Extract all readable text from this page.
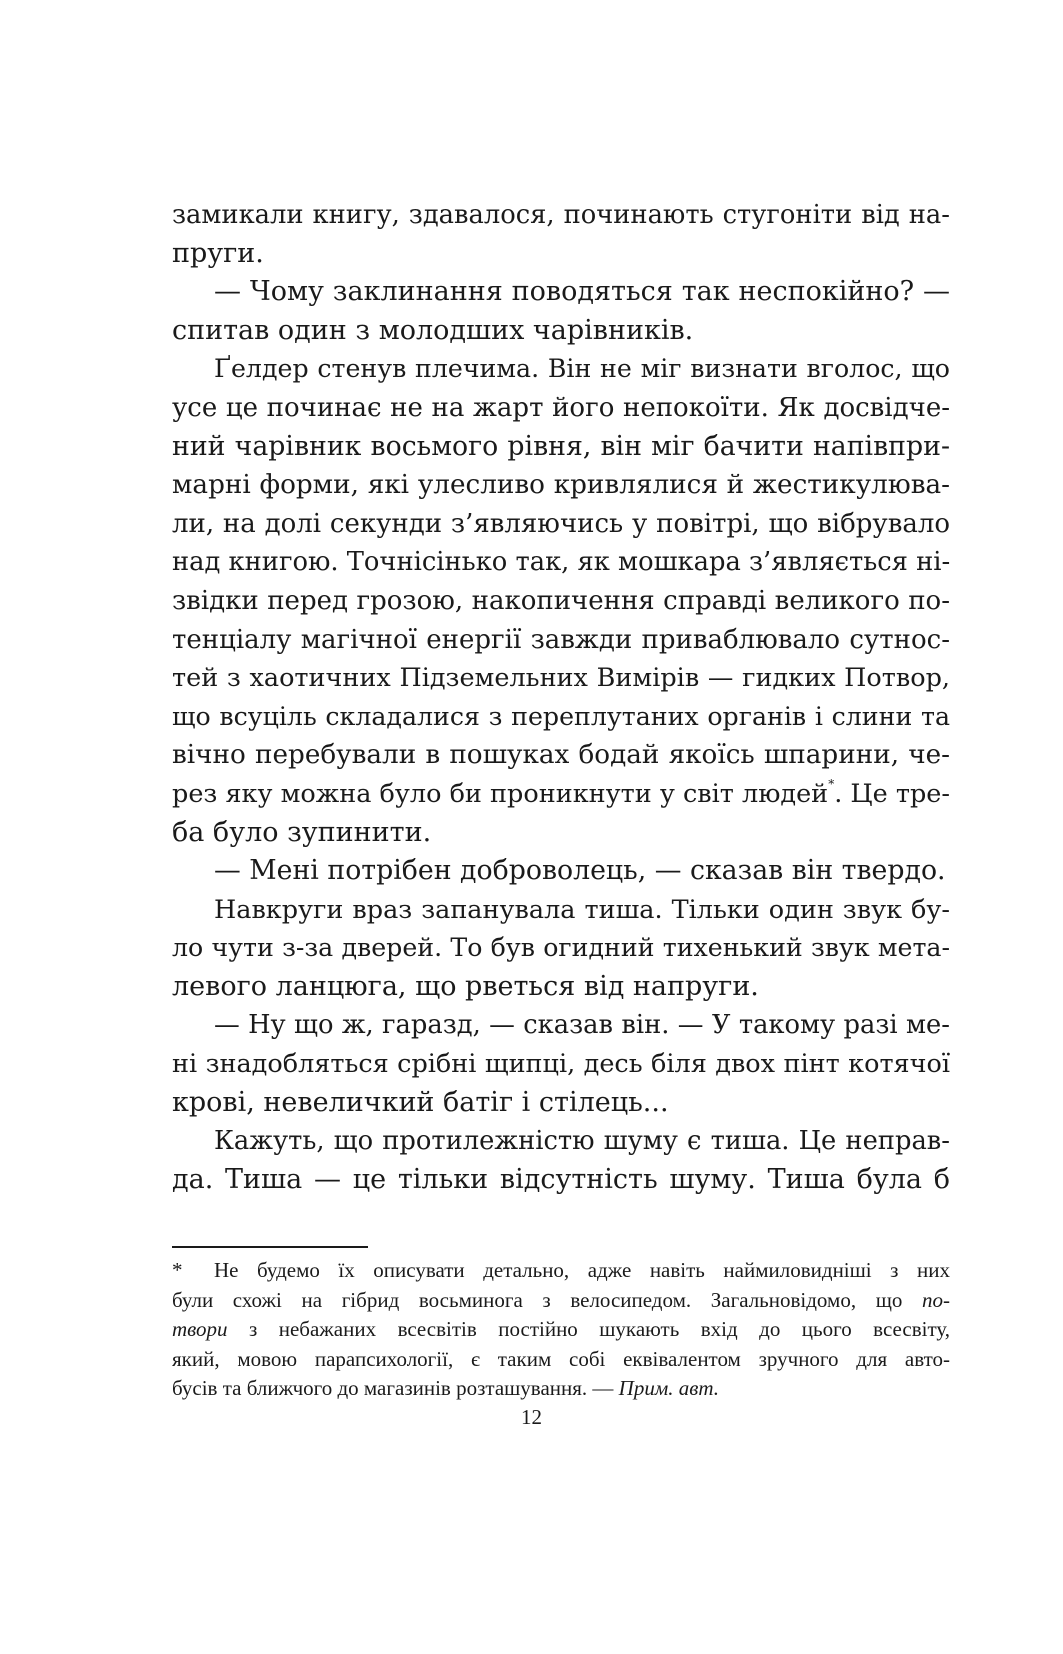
замикали книгу, здавалося, починають стугоніти від на-
пруги.
— Чому заклинання поводяться так неспокійно? —
спитав один з молодших чарівників.
Ґелдер стенув плечима. Він не міг визнати вголос, що
усе це починає не на жарт його непокоїти. Як досвідче-
ний чарівник восьмого рівня, він міг бачити напівпри-
марні форми, які улесливо кривлялися й жестикулюва-
ли, на долі секунди з’являючись у повітрі, що вібрувало
над книгою. Точнісінько так, як мошкара з’являється ні-
звідки перед грозою, накопичення справді великого по-
тенціалу магічної енергії завжди приваблювало сутнос-
тей з хаотичних Підземельних Вимірів — гидких Потвор,
що всуціль складалися з переплутаних органів і слини та
вічно перебували в пошуках бодай якоїсь шпарини, че-
рез яку можна було би проникнути у світ людей*. Це тре-
ба було зупинити.
— Мені потрібен доброволець, — сказав він твердо.
Навкруги враз запанувала тиша. Тільки один звук бу-
ло чути з-за дверей. То був огидний тихенький звук мета-
левого ланцюга, що рветься від напруги.
— Ну що ж, гаразд, — сказав він. — У такому разі ме-
ні знадобляться срібні щипці, десь біля двох пінт котячої
крові, невеличкий батіг і стілець...
Кажуть, що протилежністю шуму є тиша. Це неправ-
да. Тиша — це тільки відсутність шуму. Тиша була б
* Не будемо їх описувати детально, адже навіть наймиловидніші з них
були схожі на гібрид восьминога з велосипедом. Загальновідомо, що по-
твори з небажаних всесвітів постійно шукають вхід до цього всесвіту,
який, мовою парапсихології, є таким собі еквівалентом зручного для авто-
бусів та ближчого до магазинів розташування. — Прим. авт.
12
